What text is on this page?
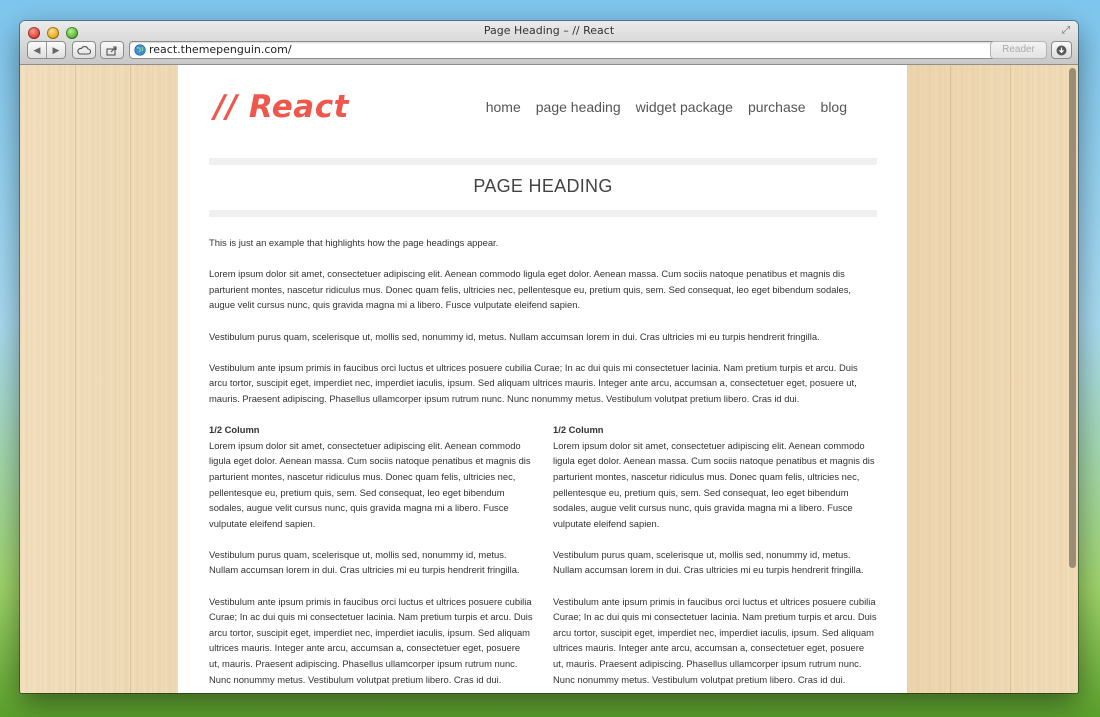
Page Heading – // React	⤢
◀	▶	react.themepenguin.com/	Reader
// React	home page heading widget package purchase blog
PAGE HEADING

This is just an example that highlights how the page headings appear.

Lorem ipsum dolor sit amet, consectetuer adipiscing elit. Aenean commodo ligula eget dolor. Aenean massa. Cum sociis natoque penatibus et magnis dis parturient montes, nascetur ridiculus mus. Donec quam felis, ultricies nec, pellentesque eu, pretium quis, sem. Sed consequat, leo eget bibendum sodales, augue velit cursus nunc, quis gravida magna mi a libero. Fusce vulputate eleifend sapien.

Vestibulum purus quam, scelerisque ut, mollis sed, nonummy id, metus. Nullam accumsan lorem in dui. Cras ultricies mi eu turpis hendrerit fringilla.

Vestibulum ante ipsum primis in faucibus orci luctus et ultrices posuere cubilia Curae; In ac dui quis mi consectetuer lacinia. Nam pretium turpis et arcu. Duis arcu tortor, suscipit eget, imperdiet nec, imperdiet iaculis, ipsum. Sed aliquam ultrices mauris. Integer ante arcu, accumsan a, consectetuer eget, posuere ut, mauris. Praesent adipiscing. Phasellus ullamcorper ipsum rutrum nunc. Nunc nonummy metus. Vestibulum volutpat pretium libero. Cras id dui.

1/2 Column
Lorem ipsum dolor sit amet, consectetuer adipiscing elit. Aenean commodo ligula eget dolor. Aenean massa. Cum sociis natoque penatibus et magnis dis parturient montes, nascetur ridiculus mus. Donec quam felis, ultricies nec, pellentesque eu, pretium quis, sem. Sed consequat, leo eget bibendum sodales, augue velit cursus nunc, quis gravida magna mi a libero. Fusce vulputate eleifend sapien.

Vestibulum purus quam, scelerisque ut, mollis sed, nonummy id, metus. Nullam accumsan lorem in dui. Cras ultricies mi eu turpis hendrerit fringilla.

Vestibulum ante ipsum primis in faucibus orci luctus et ultrices posuere cubilia Curae; In ac dui quis mi consectetuer lacinia. Nam pretium turpis et arcu. Duis arcu tortor, suscipit eget, imperdiet nec, imperdiet iaculis, ipsum. Sed aliquam ultrices mauris. Integer ante arcu, accumsan a, consectetuer eget, posuere ut, mauris. Praesent adipiscing. Phasellus ullamcorper ipsum rutrum nunc. Nunc nonummy metus. Vestibulum volutpat pretium libero. Cras id dui.

1/2 Column
Lorem ipsum dolor sit amet, consectetuer adipiscing elit. Aenean commodo ligula eget dolor. Aenean massa. Cum sociis natoque penatibus et magnis dis parturient montes, nascetur ridiculus mus. Donec quam felis, ultricies nec, pellentesque eu, pretium quis, sem. Sed consequat, leo eget bibendum sodales, augue velit cursus nunc, quis gravida magna mi a libero. Fusce vulputate eleifend sapien.

Vestibulum purus quam, scelerisque ut, mollis sed, nonummy id, metus. Nullam accumsan lorem in dui. Cras ultricies mi eu turpis hendrerit fringilla.

Vestibulum ante ipsum primis in faucibus orci luctus et ultrices posuere cubilia Curae; In ac dui quis mi consectetuer lacinia. Nam pretium turpis et arcu. Duis arcu tortor, suscipit eget, imperdiet nec, imperdiet iaculis, ipsum. Sed aliquam ultrices mauris. Integer ante arcu, accumsan a, consectetuer eget, posuere ut, mauris. Praesent adipiscing. Phasellus ullamcorper ipsum rutrum nunc. Nunc nonummy metus. Vestibulum volutpat pretium libero. Cras id dui.
